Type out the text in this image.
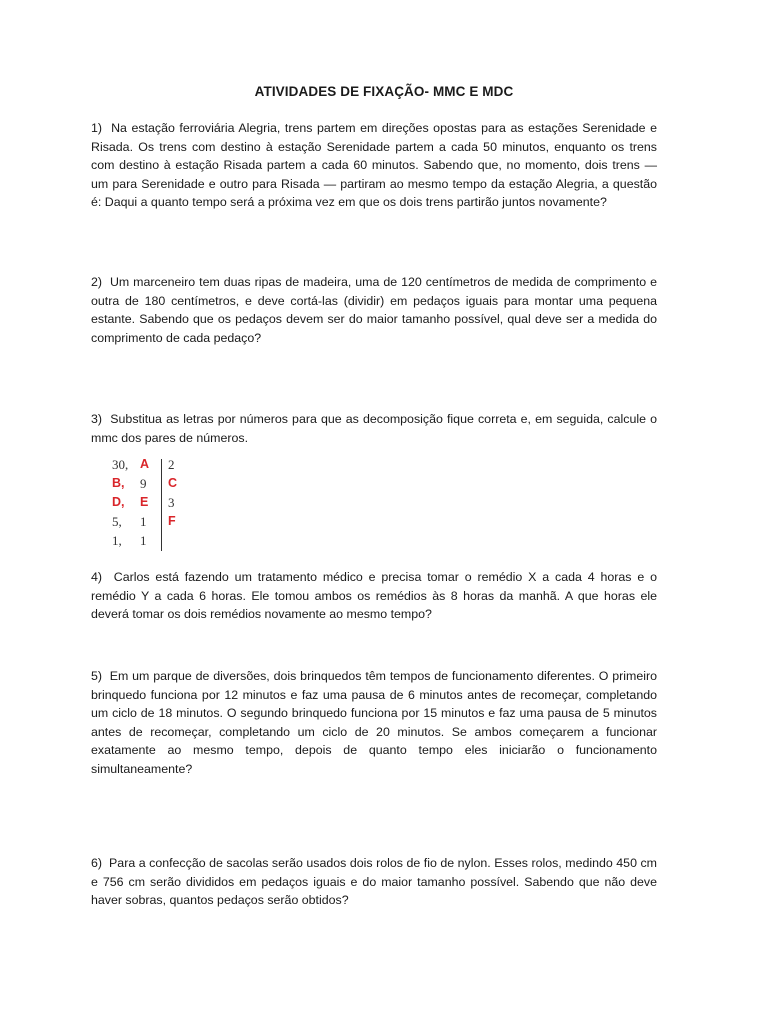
ATIVIDADES DE FIXAÇÃO- MMC E MDC

1) Na estação ferroviária Alegria, trens partem em direções opostas para as estações Serenidade e Risada. Os trens com destino à estação Serenidade partem a cada 50 minutos, enquanto os trens com destino à estação Risada partem a cada 60 minutos. Sabendo que, no momento, dois trens — um para Serenidade e outro para Risada — partiram ao mesmo tempo da estação Alegria, a questão é: Daqui a quanto tempo será a próxima vez em que os dois trens partirão juntos novamente?

2) Um marceneiro tem duas ripas de madeira, uma de 120 centímetros de medida de comprimento e outra de 180 centímetros, e deve cortá-las (dividir) em pedaços iguais para montar uma pequena estante. Sabendo que os pedaços devem ser do maior tamanho possível, qual deve ser a medida do comprimento de cada pedaço?

3) Substitua as letras por números para que as decomposição fique correta e, em seguida, calcule o mmc dos pares de números.

30, A 2
B, 9 C
D, E 3
5, 1 F
1, 1

4) Carlos está fazendo um tratamento médico e precisa tomar o remédio X a cada 4 horas e o remédio Y a cada 6 horas. Ele tomou ambos os remédios às 8 horas da manhã. A que horas ele deverá tomar os dois remédios novamente ao mesmo tempo?

5) Em um parque de diversões, dois brinquedos têm tempos de funcionamento diferentes. O primeiro brinquedo funciona por 12 minutos e faz uma pausa de 6 minutos antes de recomeçar, completando um ciclo de 18 minutos. O segundo brinquedo funciona por 15 minutos e faz uma pausa de 5 minutos antes de recomeçar, completando um ciclo de 20 minutos. Se ambos começarem a funcionar exatamente ao mesmo tempo, depois de quanto tempo eles iniciarão o funcionamento simultaneamente?

6) Para a confecção de sacolas serão usados dois rolos de fio de nylon. Esses rolos, medindo 450 cm e 756 cm serão divididos em pedaços iguais e do maior tamanho possível. Sabendo que não deve haver sobras, quantos pedaços serão obtidos?
